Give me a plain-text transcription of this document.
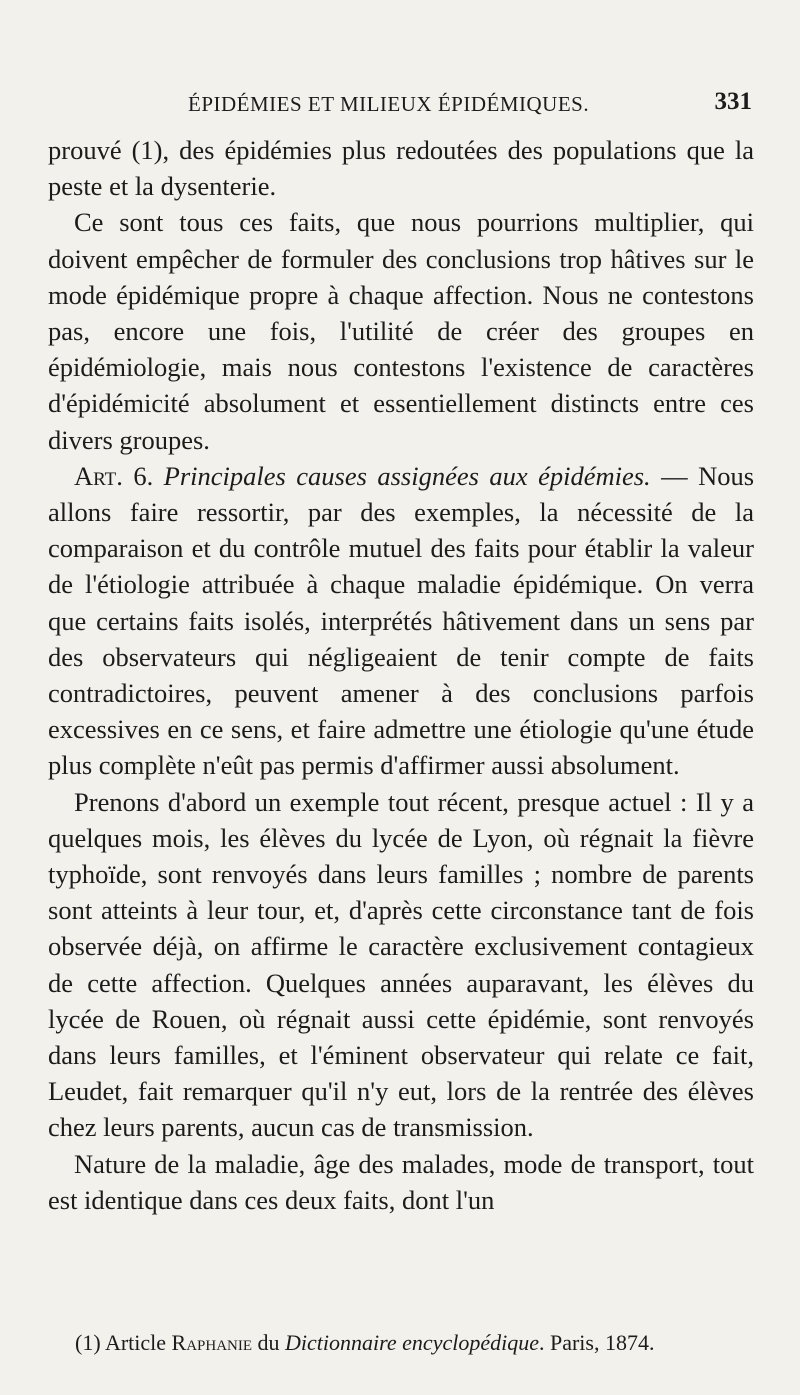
ÉPIDÉMIES ET MILIEUX ÉPIDÉMIQUES.	331

prouvé (1), des épidémies plus redoutées des populations que la peste et la dysenterie.

Ce sont tous ces faits, que nous pourrions multiplier, qui doivent empêcher de formuler des conclusions trop hâtives sur le mode épidémique propre à chaque affection. Nous ne contestons pas, encore une fois, l'utilité de créer des groupes en épidémiologie, mais nous contestons l'existence de caractères d'épidémicité absolument et essentiellement distincts entre ces divers groupes.

Art. 6. Principales causes assignées aux épidémies. — Nous allons faire ressortir, par des exemples, la nécessité de la comparaison et du contrôle mutuel des faits pour établir la valeur de l'étiologie attribuée à chaque maladie épidémique. On verra que certains faits isolés, interprétés hâtivement dans un sens par des observateurs qui négligeaient de tenir compte de faits contradictoires, peuvent amener à des conclusions parfois excessives en ce sens, et faire admettre une étiologie qu'une étude plus complète n'eût pas permis d'affirmer aussi absolument.

Prenons d'abord un exemple tout récent, presque actuel : Il y a quelques mois, les élèves du lycée de Lyon, où régnait la fièvre typhoïde, sont renvoyés dans leurs familles ; nombre de parents sont atteints à leur tour, et, d'après cette circonstance tant de fois observée déjà, on affirme le caractère exclusivement contagieux de cette affection. Quelques années auparavant, les élèves du lycée de Rouen, où régnait aussi cette épidémie, sont renvoyés dans leurs familles, et l'éminent observateur qui relate ce fait, Leudet, fait remarquer qu'il n'y eut, lors de la rentrée des élèves chez leurs parents, aucun cas de transmission.

Nature de la maladie, âge des malades, mode de transport, tout est identique dans ces deux faits, dont l'un

(1) Article Raphanie du Dictionnaire encyclopédique. Paris, 1874.
